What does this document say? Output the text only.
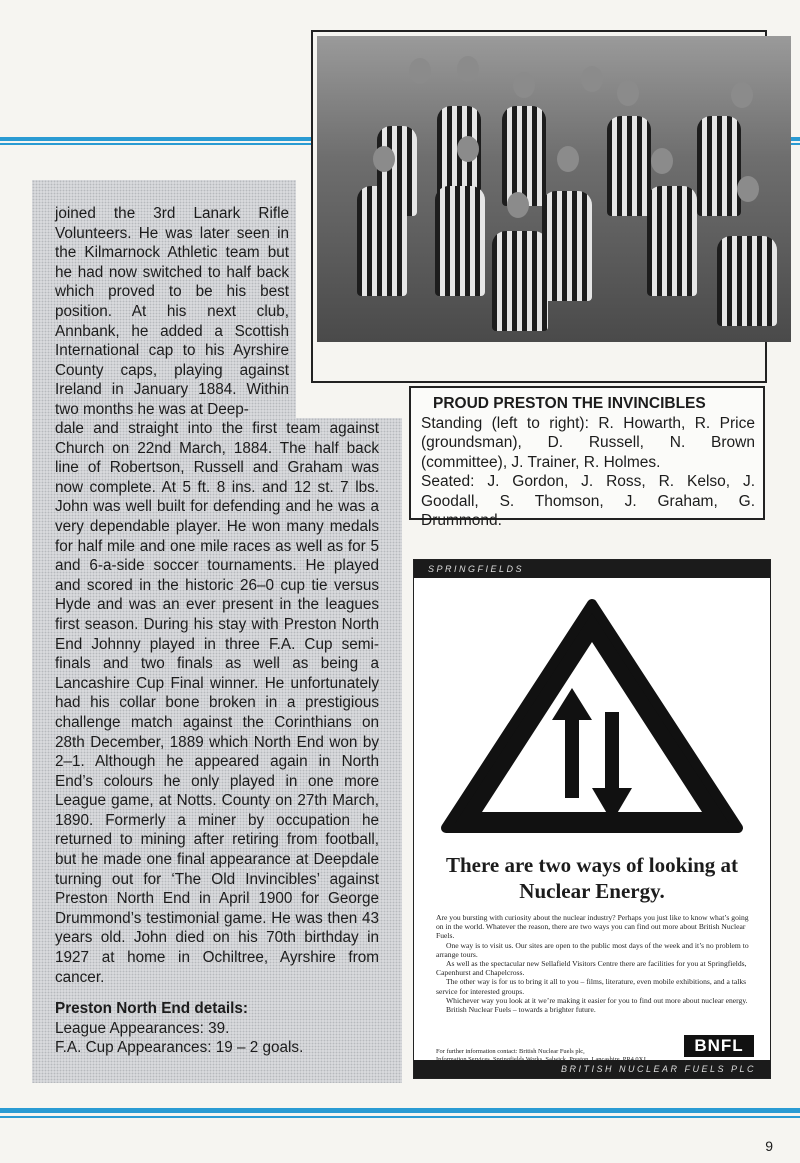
PROUD PRESTON THE INVINCIBLES

Standing (left to right): R. Howarth, R. Price (groundsman), D. Russell, N. Brown (committee), J. Trainer, R. Holmes.

Seated: J. Gordon, J. Ross, R. Kelso, J. Goodall, S. Thomson, J. Graham, G. Drummond.

joined the 3rd Lanark Rifle Volunteers. He was later seen in the Kilmarnock Athletic team but he had now switched to half back which proved to be his best position. At his next club, Annbank, he added a Scottish International cap to his Ayrshire County caps, playing against Ireland in January 1884. Within two months he was at Deep-

dale and straight into the first team against Church on 22nd March, 1884. The half back line of Robertson, Russell and Graham was now complete. At 5 ft. 8 ins. and 12 st. 7 lbs. John was well built for defending and he was a very dependable player. He won many medals for half mile and one mile races as well as for 5 and 6-a-side soccer tournaments. He played and scored in the historic 26–0 cup tie versus Hyde and was an ever present in the leagues first season. During his stay with Preston North End Johnny played in three F.A. Cup semi-finals and two finals as well as being a Lancashire Cup Final winner. He unfortunately had his collar bone broken in a prestigious challenge match against the Corinthians on 28th December, 1889 which North End won by 2–1. Although he appeared again in North End’s colours he only played in one more League game, at Notts. County on 27th March, 1890. Formerly a miner by occupation he returned to mining after retiring from football, but he made one final appearance at Deepdale turning out for ‘The Old Invincibles’ against Preston North End in April 1900 for George Drummond’s testimonial game. He was then 43 years old. John died on his 70th birthday in 1927 at home in Ochiltree, Ayrshire from cancer.

Preston North End details:
League Appearances: 39.
F.A. Cup Appearances: 19 – 2 goals.

SPRINGFIELDS
There are two ways of looking at
Nuclear Energy.

Are you bursting with curiosity about the nuclear industry? Perhaps you just like to know what’s going on in the world. Whatever the reason, there are two ways you can find out more about British Nuclear Fuels.

One way is to visit us. Our sites are open to the public most days of the week and it’s no problem to arrange tours.

As well as the spectacular new Sellafield Visitors Centre there are facilities for you at Springfields, Capenhurst and Chapelcross.

The other way is for us to bring it all to you – films, literature, even mobile exhibitions, and a talks service for interested groups.

Whichever way you look at it we’re making it easier for you to find out more about nuclear energy.

British Nuclear Fuels – towards a brighter future.

For further information contact: British Nuclear Fuels plc,	BNFL
BRITISH NUCLEAR FUELS PLC
9
